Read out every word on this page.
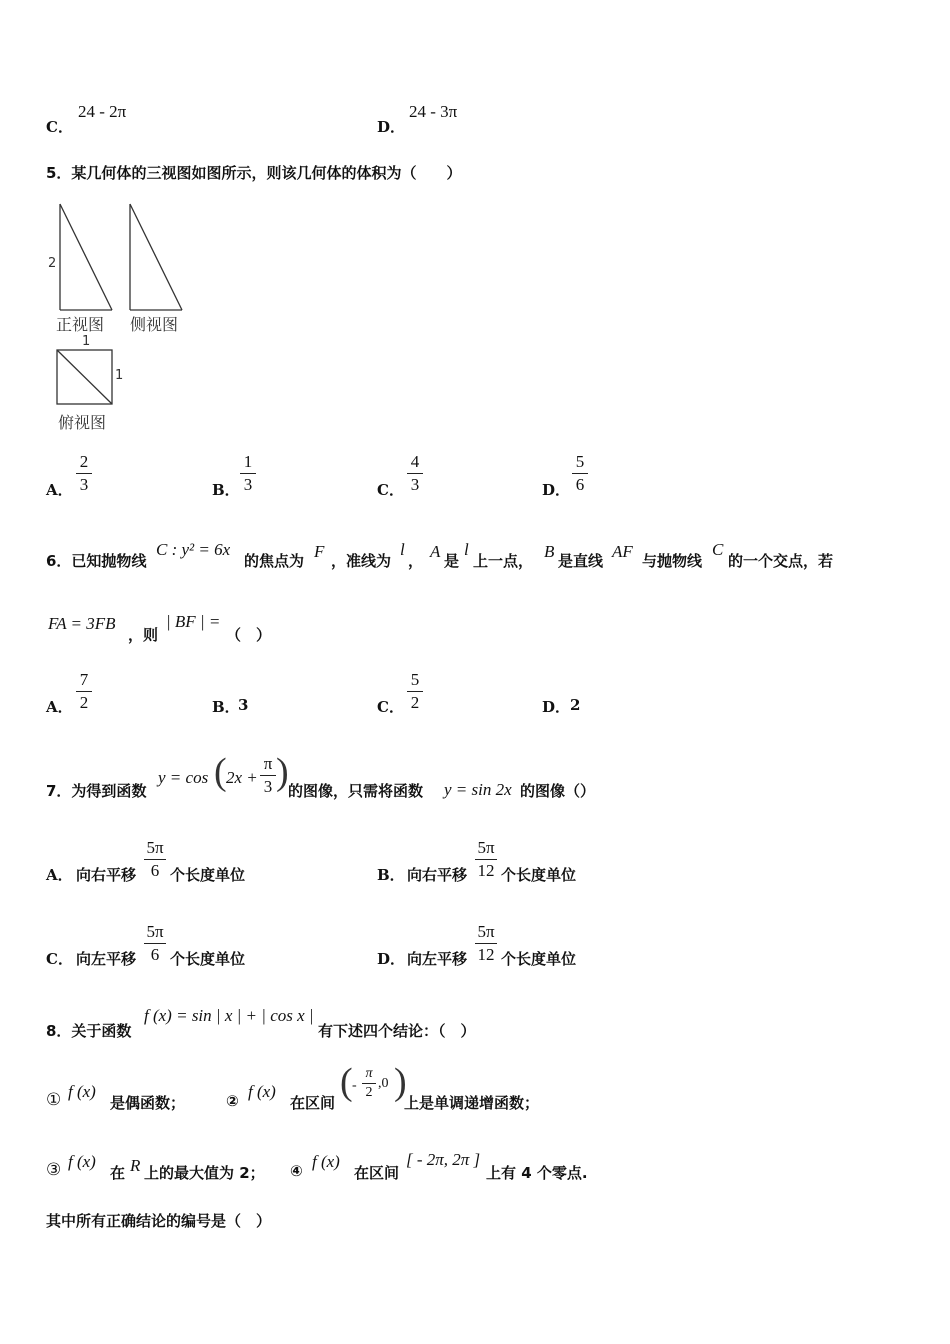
C．
24 - 2π
D．
24 - 3π
5．某几何体的三视图如图所示，则该几何体的体积为（　　）
2
正视图 侧视图
1
1
俯视图
A．
2
3	B．
1
3	C．
4
3	D．
5
6
6．已知抛物线
C : y² = 6x
的焦点为 F ，准线为
l
， A 是
l
上一点， B 是直线 AF 与抛物线
C
的一个交点，若
FA = 3FB
，则
| BF | =
（　）
A．
7
2	B．
3	C．
5
2	D． 2
7．为得到函数
y = cos ( 2x +
π
3 ) 的图像，只需将函数 y = sin 2x 的图像（）
A． 向右平移
5π
6 个长度单位	B． 向右平移
5π
12 个长度单位
C． 向左平移
5π
6 个长度单位	D． 向左平移
5π
12 个长度单位
8．关于函数
f (x) = sin | x | + | cos x |
有下述四个结论：（　）
① f (x)
是偶函数；	② f (x)
在区间 ( -
π
2
,0 )
上是单调递增函数；
③ f (x)
在 R 上的最大值为 2； ④ f (x)
在区间
[ - 2π, 2π ]
上有 4 个零点.
其中所有正确结论的编号是（　）
